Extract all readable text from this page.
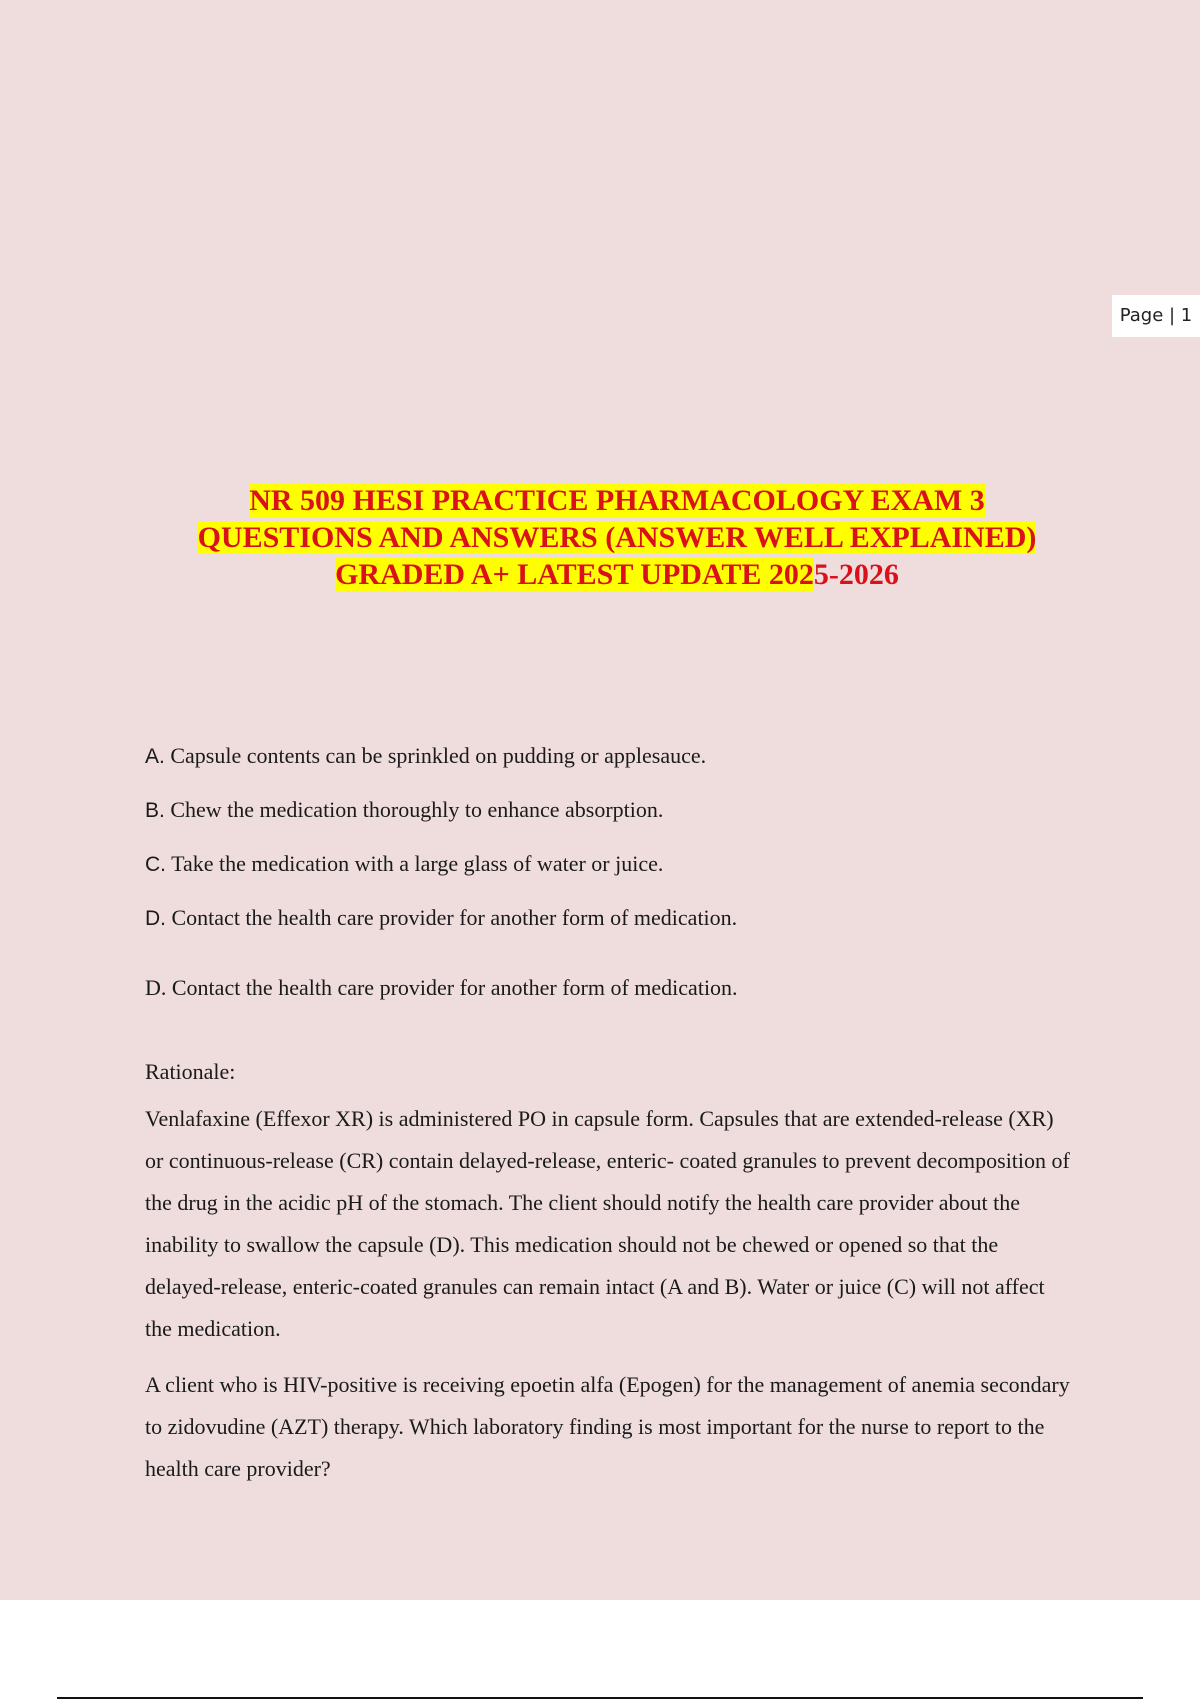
Page | 1
NR 509 HESI PRACTICE PHARMACOLOGY EXAM 3
QUESTIONS AND ANSWERS (ANSWER WELL EXPLAINED)
GRADED A+ LATEST UPDATE 2025-2026
A. Capsule contents can be sprinkled on pudding or applesauce.
B. Chew the medication thoroughly to enhance absorption.
C. Take the medication with a large glass of water or juice.
D. Contact the health care provider for another form of medication.
D. Contact the health care provider for another form of medication.
Rationale:
Venlafaxine (Effexor XR) is administered PO in capsule form. Capsules that are extended-release (XR) or continuous-release (CR) contain delayed-release, enteric- coated granules to prevent decomposition of the drug in the acidic pH of the stomach. The client should notify the health care provider about the inability to swallow the capsule (D). This medication should not be chewed or opened so that the delayed-release, enteric-coated granules can remain intact (A and B). Water or juice (C) will not affect the medication.
A client who is HIV-positive is receiving epoetin alfa (Epogen) for the management of anemia secondary to zidovudine (AZT) therapy. Which laboratory finding is most important for the nurse to report to the health care provider?
